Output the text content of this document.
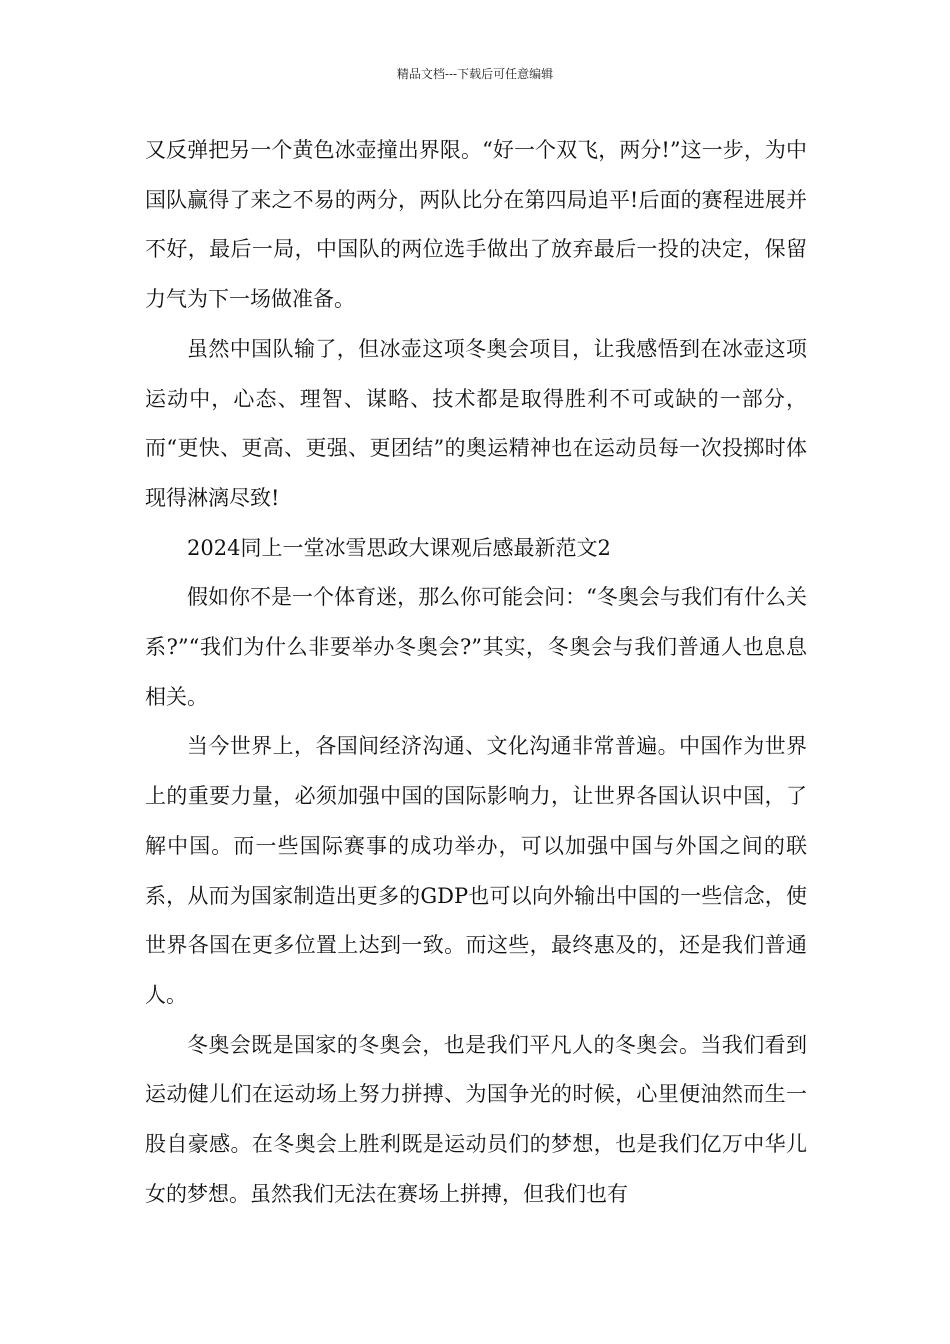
精品文档---下载后可任意编辑

又反弹把另一个黄色冰壶撞出界限。“好一个双飞，两分!”这一步，为中国队赢得了来之不易的两分，两队比分在第四局追平!后面的赛程进展并不好，最后一局，中国队的两位选手做出了放弃最后一投的决定，保留力气为下一场做准备。

虽然中国队输了，但冰壶这项冬奥会项目，让我感悟到在冰壶这项运动中，心态、理智、谋略、技术都是取得胜利不可或缺的一部分，而“更快、更高、更强、更团结”的奥运精神也在运动员每一次投掷时体现得淋漓尽致!

2024同上一堂冰雪思政大课观后感最新范文2

假如你不是一个体育迷，那么你可能会问：“冬奥会与我们有什么关系?”“我们为什么非要举办冬奥会?”其实，冬奥会与我们普通人也息息相关。

当今世界上，各国间经济沟通、文化沟通非常普遍。中国作为世界上的重要力量，必须加强中国的国际影响力，让世界各国认识中国，了解中国。而一些国际赛事的成功举办，可以加强中国与外国之间的联系，从而为国家制造出更多的GDP也可以向外输出中国的一些信念，使世界各国在更多位置上达到一致。而这些，最终惠及的，还是我们普通人。

冬奥会既是国家的冬奥会，也是我们平凡人的冬奥会。当我们看到运动健儿们在运动场上努力拼搏、为国争光的时候，心里便油然而生一股自豪感。在冬奥会上胜利既是运动员们的梦想，也是我们亿万中华儿女的梦想。虽然我们无法在赛场上拼搏，但我们也有
